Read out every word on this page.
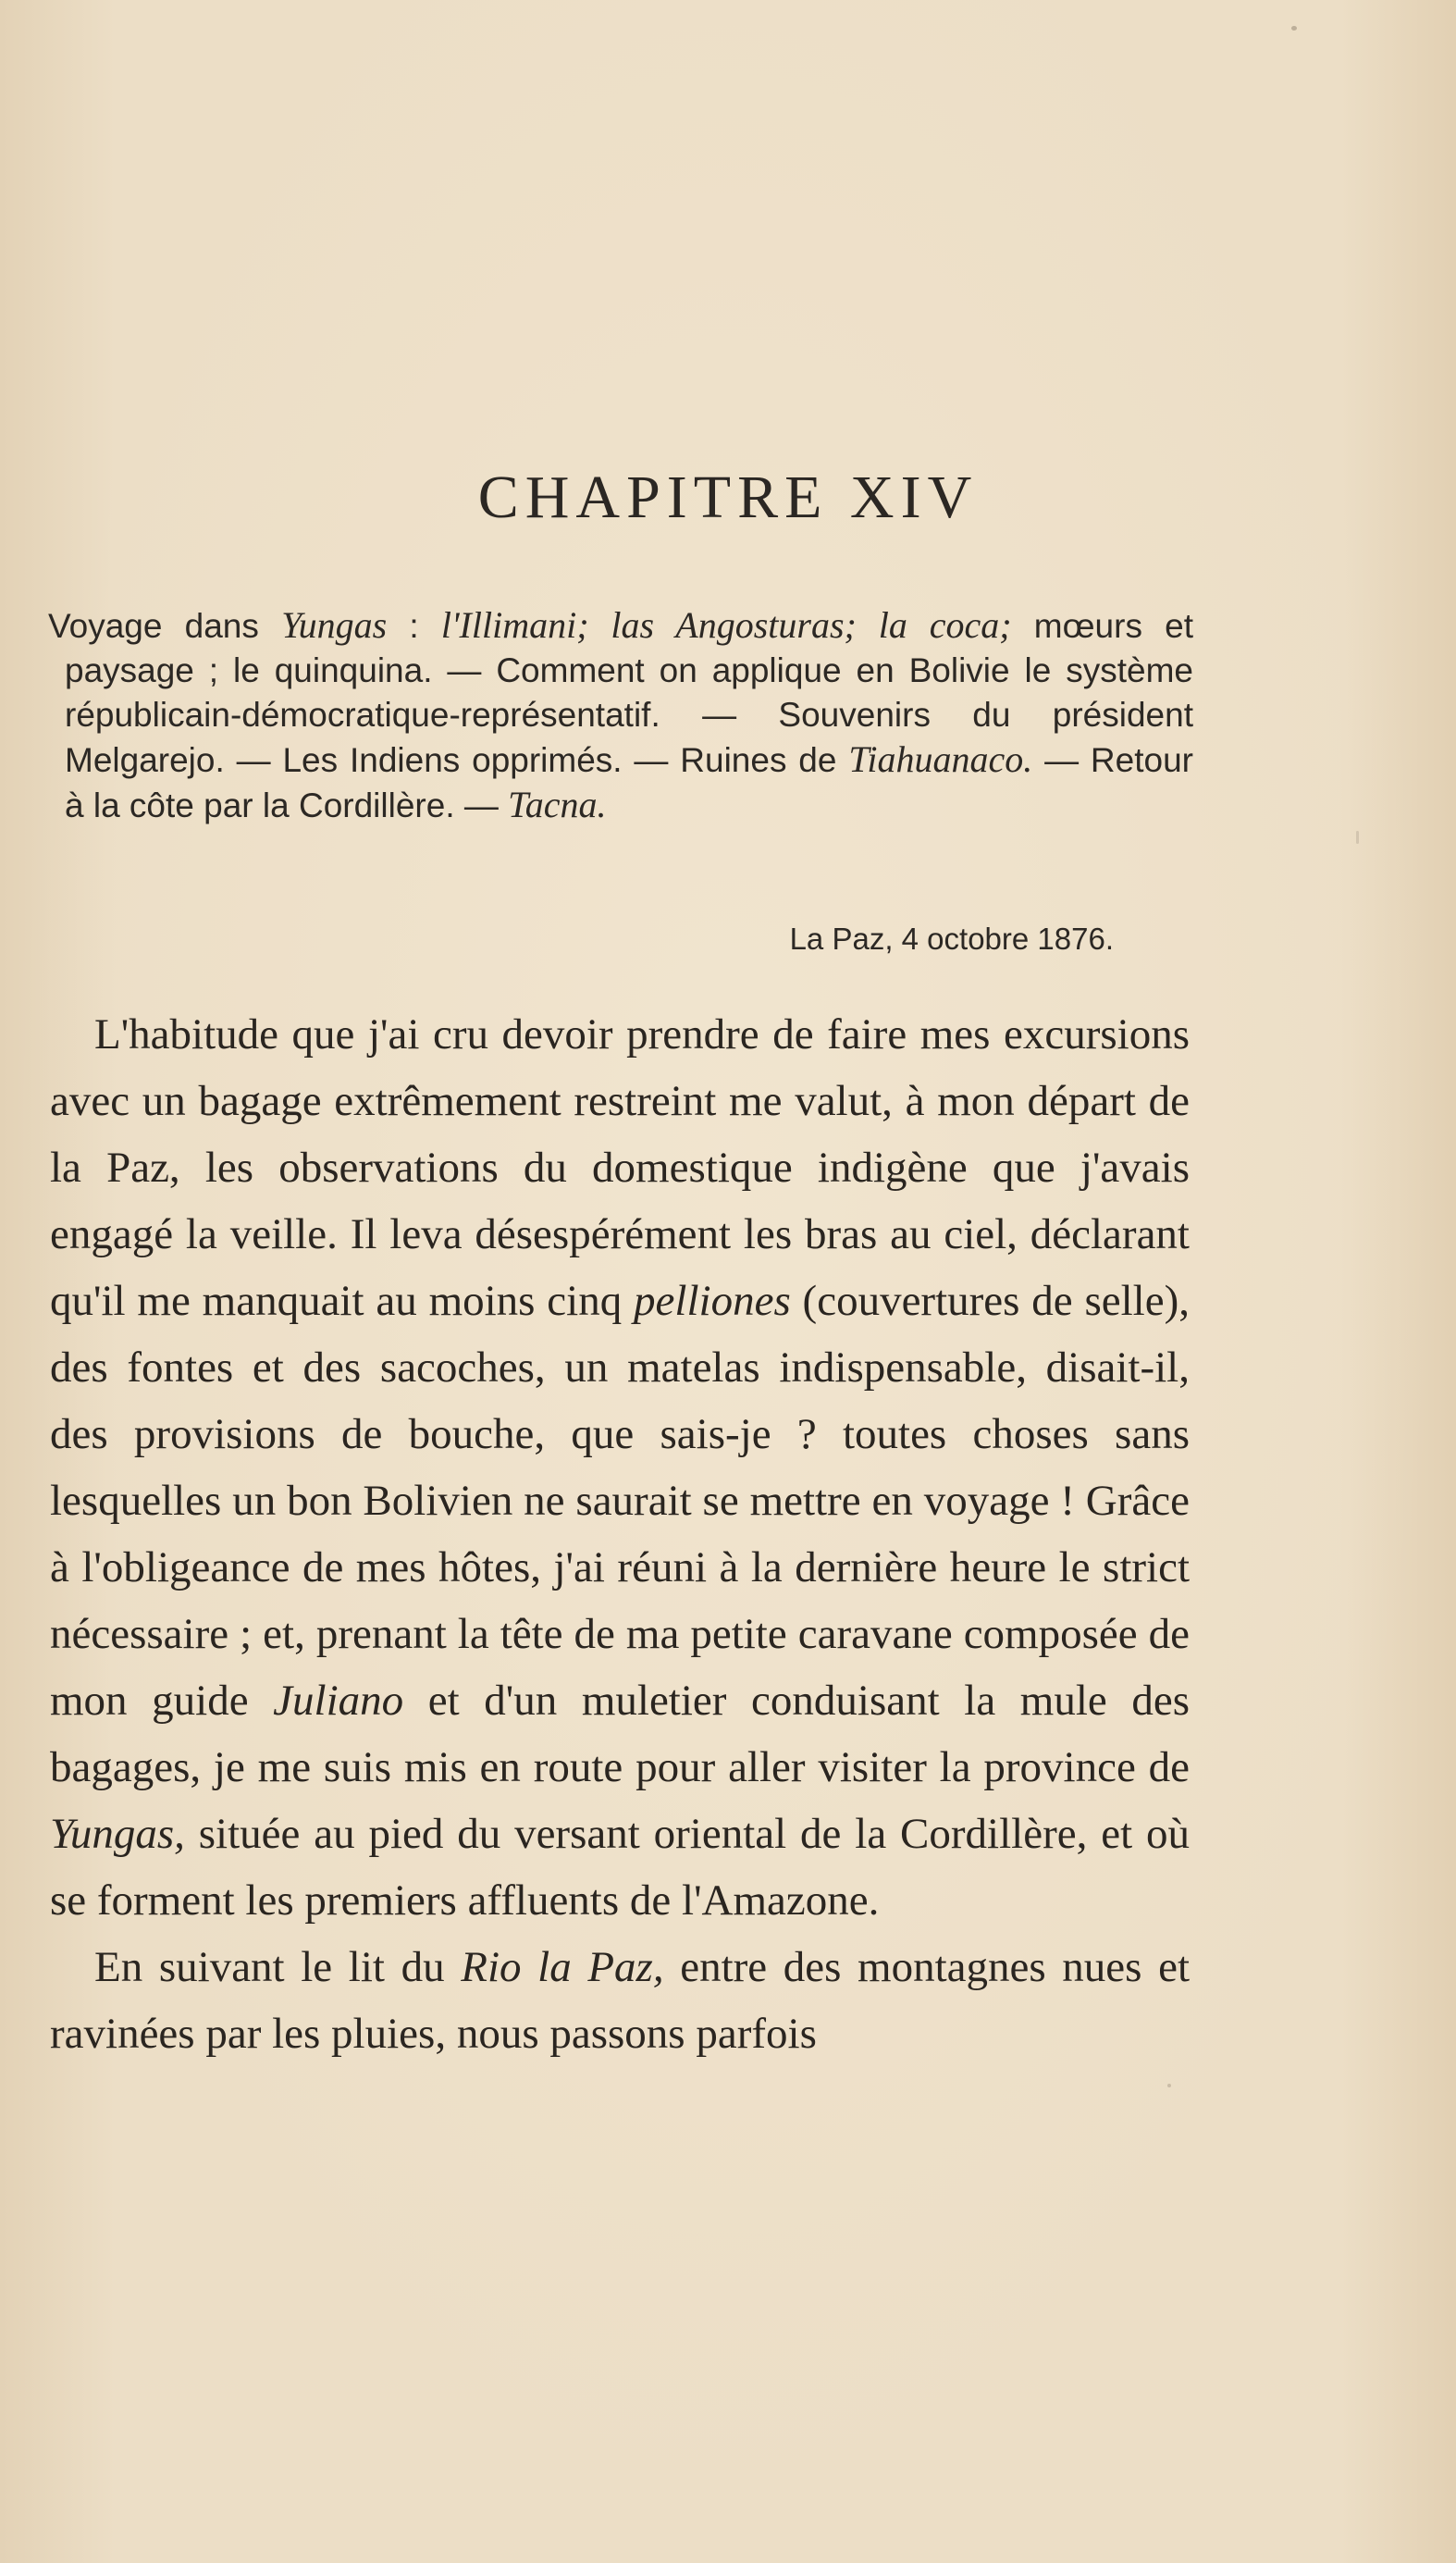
CHAPITRE XIV
Voyage dans Yungas : l'Illimani; las Angosturas; la coca; mœurs et paysage ; le quinquina. — Comment on applique en Bolivie le système républicain-démocratique-représentatif. — Souvenirs du président Melgarejo. — Les Indiens opprimés. — Ruines de Tiahuanaco. — Retour à la côte par la Cordillère. — Tacna.
La Paz, 4 octobre 1876.

L'habitude que j'ai cru devoir prendre de faire mes excursions avec un bagage extrêmement restreint me valut, à mon départ de la Paz, les observations du domestique indigène que j'avais engagé la veille. Il leva désespérément les bras au ciel, déclarant qu'il me manquait au moins cinq pelliones (couvertures de selle), des fontes et des sacoches, un matelas indispensable, disait-il, des provisions de bouche, que sais-je ? toutes choses sans lesquelles un bon Bolivien ne saurait se mettre en voyage ! Grâce à l'obligeance de mes hôtes, j'ai réuni à la dernière heure le strict nécessaire ; et, prenant la tête de ma petite caravane composée de mon guide Juliano et d'un muletier conduisant la mule des bagages, je me suis mis en route pour aller visiter la province de Yungas, située au pied du versant oriental de la Cordillère, et où se forment les premiers affluents de l'Amazone.

En suivant le lit du Rio la Paz, entre des montagnes nues et ravinées par les pluies, nous passons parfois
